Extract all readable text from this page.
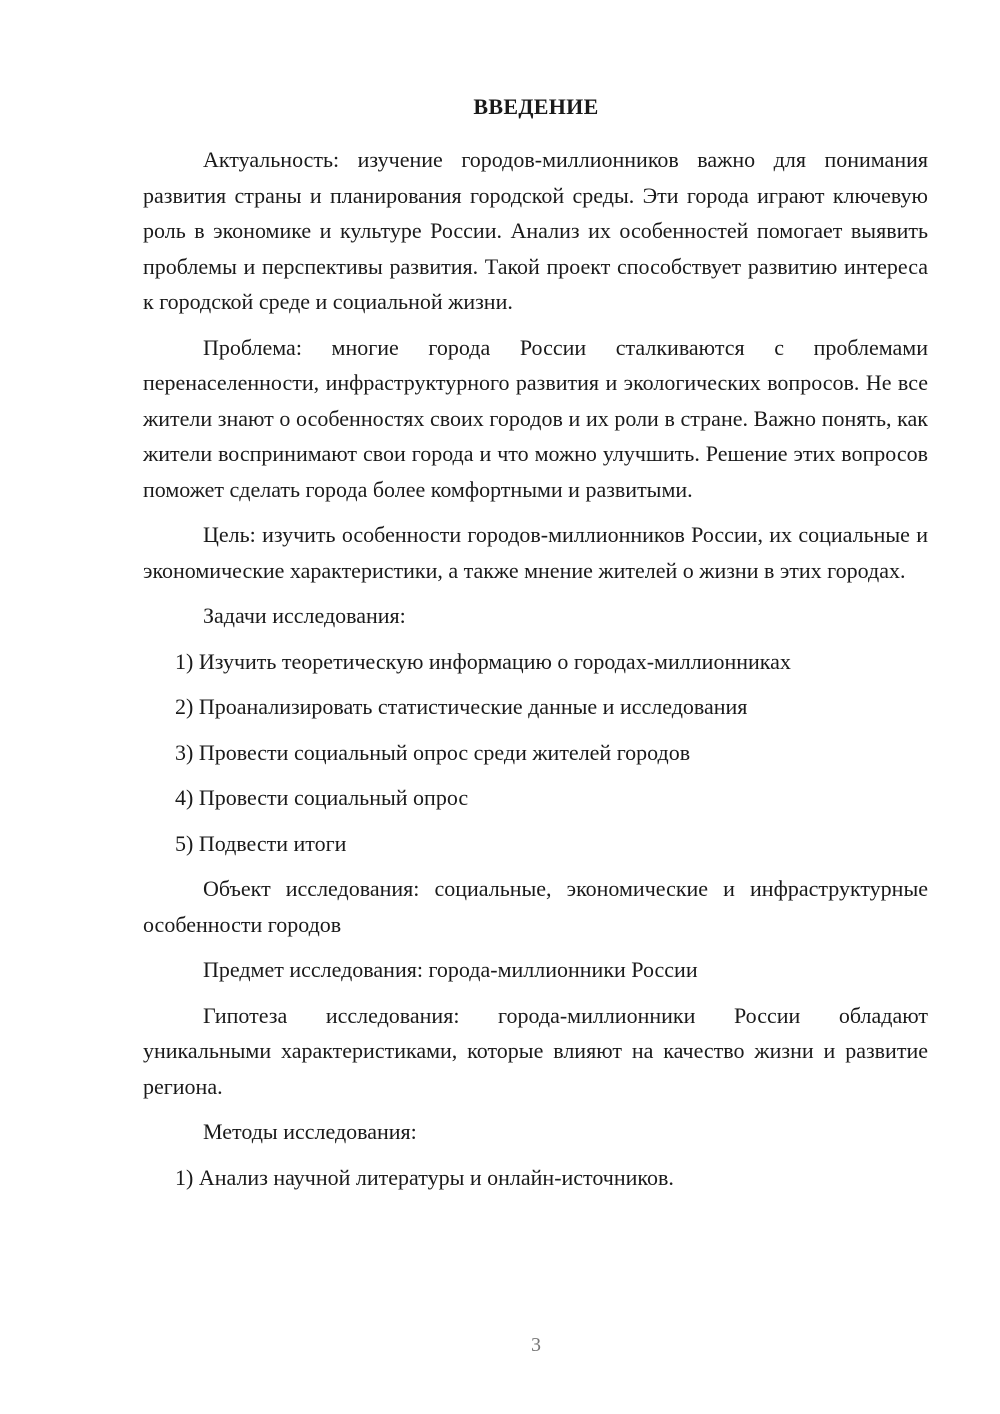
ВВЕДЕНИЕ

Актуальность: изучение городов-миллионников важно для понимания развития страны и планирования городской среды. Эти города играют ключевую роль в экономике и культуре России. Анализ их особенностей помогает выявить проблемы и перспективы развития. Такой проект способствует развитию интереса к городской среде и социальной жизни.

Проблема: многие города России сталкиваются с проблемами перенаселенности, инфраструктурного развития и экологических вопросов. Не все жители знают о особенностях своих городов и их роли в стране. Важно понять, как жители воспринимают свои города и что можно улучшить. Решение этих вопросов поможет сделать города более комфортными и развитыми.

Цель: изучить особенности городов-миллионников России, их социальные и экономические характеристики, а также мнение жителей о жизни в этих городах.

Задачи исследования:

1) Изучить теоретическую информацию о городах-миллионниках

2) Проанализировать статистические данные и исследования

3) Провести социальный опрос среди жителей городов

4) Провести социальный опрос

5) Подвести итоги

Объект исследования: социальные, экономические и инфраструктурные особенности городов

Предмет исследования: города-миллионники России

Гипотеза исследования: города-миллионники России обладают уникальными характеристиками, которые влияют на качество жизни и развитие региона.

Методы исследования:

1) Анализ научной литературы и онлайн-источников.

3
